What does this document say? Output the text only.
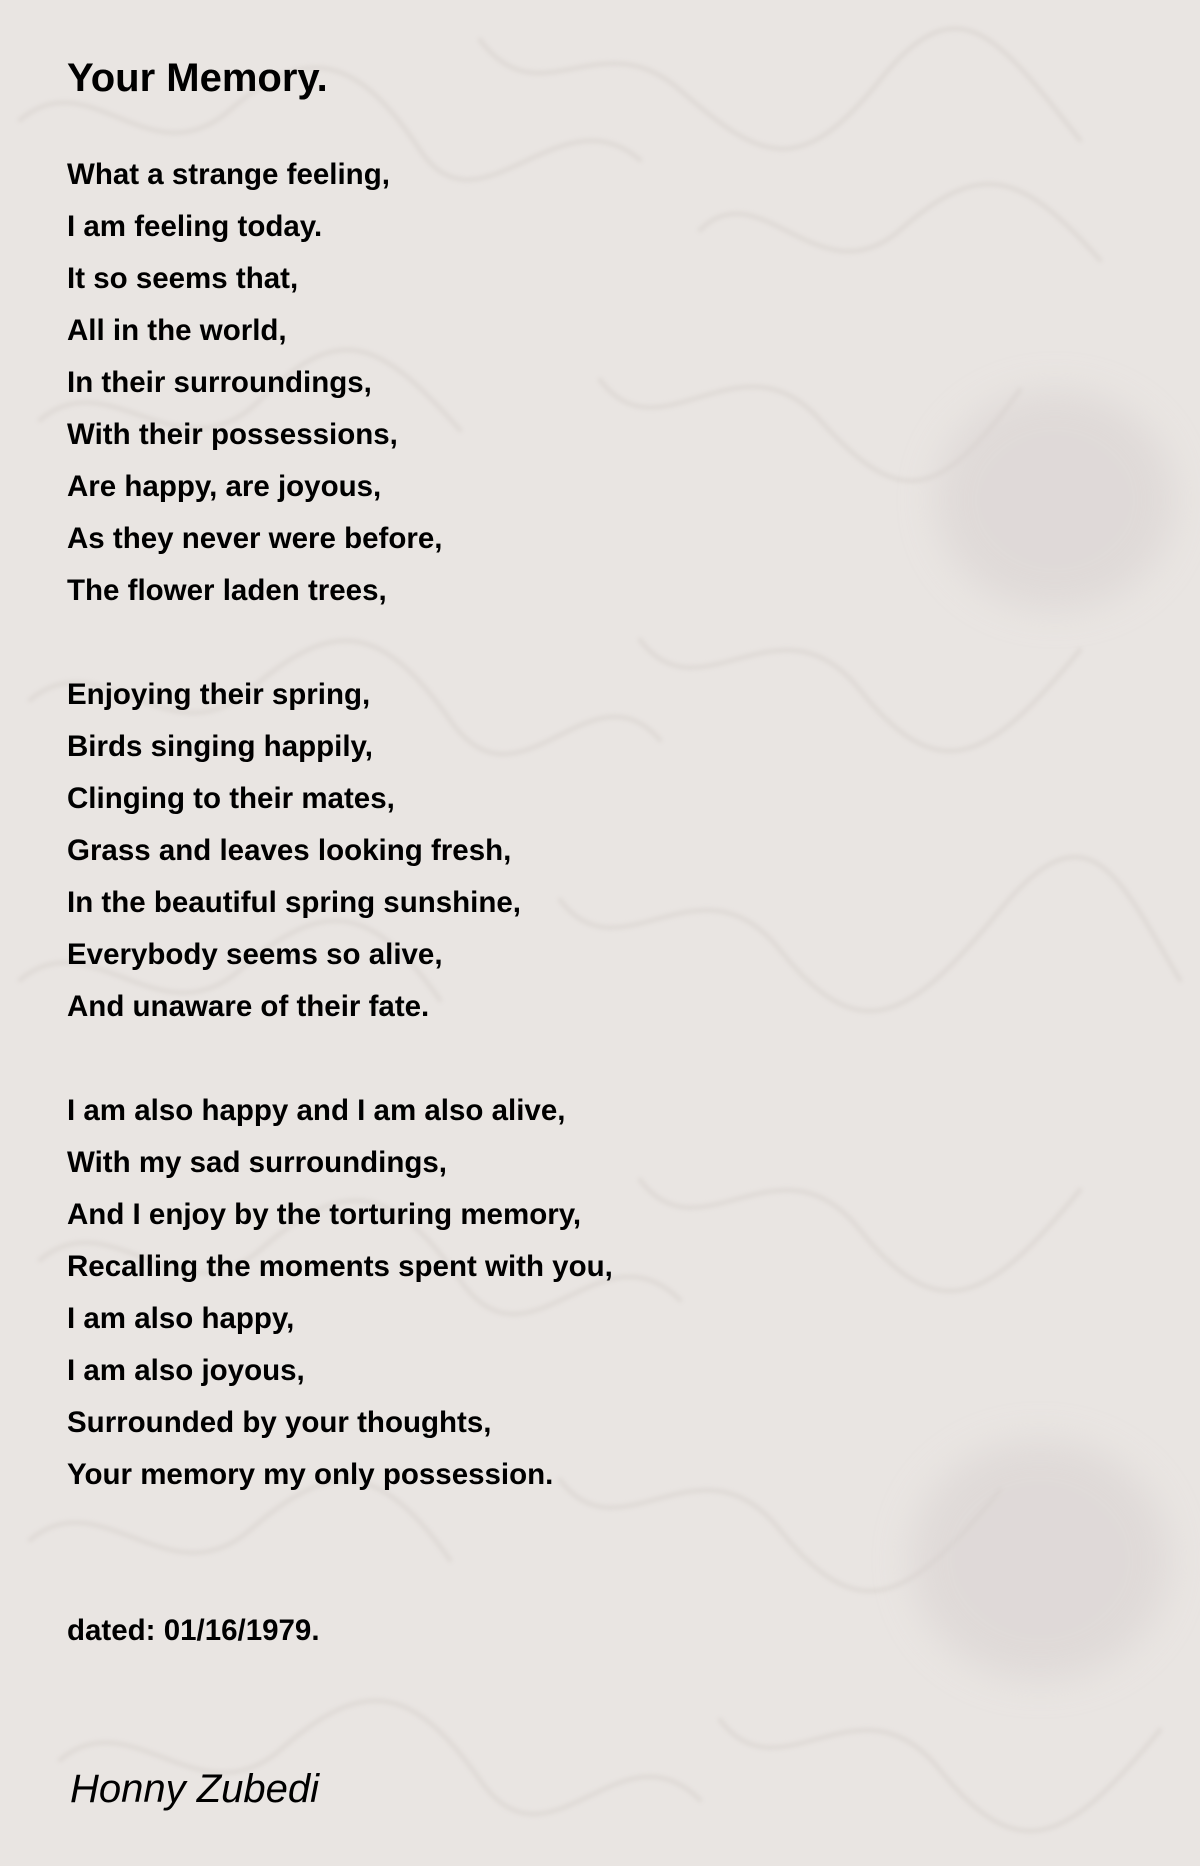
Your Memory.
What a strange feeling,
I am feeling today.
It so seems that,
All in the world,
In their surroundings,
With their possessions,
Are happy, are joyous,
As they never were before,
The flower laden trees,
Enjoying their spring,
Birds singing happily,
Clinging to their mates,
Grass and leaves looking fresh,
In the beautiful spring sunshine,
Everybody seems so alive,
And unaware of their fate.
I am also happy and I am also alive,
With my sad surroundings,
And I enjoy by the torturing memory,
Recalling the moments spent with you,
I am also happy,
I am also joyous,
Surrounded by your thoughts,
Your memory my only possession.

dated: 01/16/1979.

Honny Zubedi
